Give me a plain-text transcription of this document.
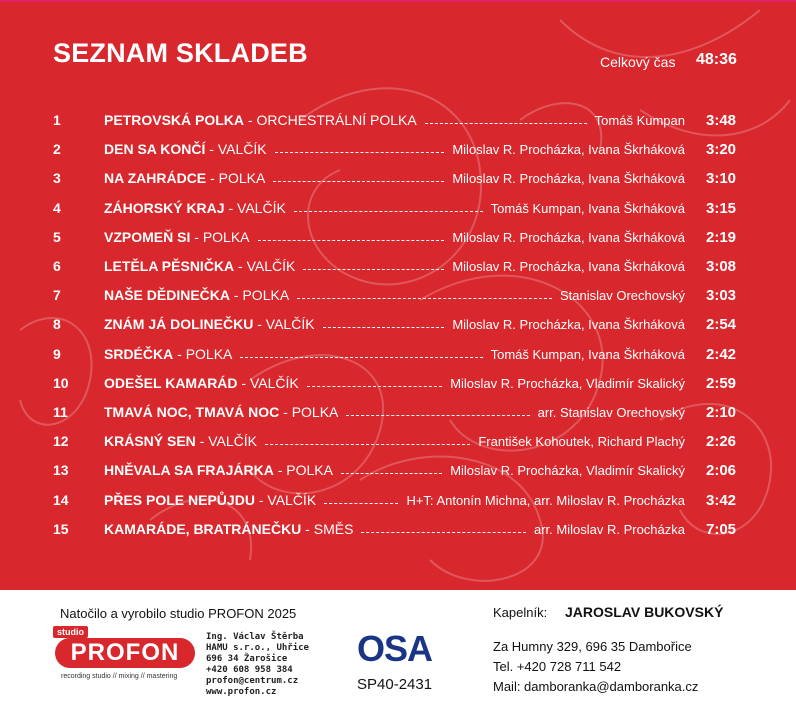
SEZNAM SKLADEB	Celkový čas 48:36
1	PETROVSKÁ POLKA - ORCHESTRÁLNÍ POLKA	Tomáš Kumpan 3:48
2	DEN SA KONČÍ - VALČÍK	Miloslav R. Procházka, Ivana Škrháková 3:20
3	NA ZAHRÁDCE - POLKA	Miloslav R. Procházka, Ivana Škrháková 3:10
4	ZÁHORSKÝ KRAJ - VALČÍK	Tomáš Kumpan, Ivana Škrháková 3:15
5	VZPOMEŇ SI - POLKA	Miloslav R. Procházka, Ivana Škrháková 2:19
6	LETĚLA PĚSNIČKA - VALČÍK	Miloslav R. Procházka, Ivana Škrháková 3:08
7	NAŠE DĚDINEČKA - POLKA	Stanislav Orechovský 3:03
8	ZNÁM JÁ DOLINEČKU - VALČÍK	Miloslav R. Procházka, Ivana Škrháková 2:54
9	SRDÉČKA - POLKA	Tomáš Kumpan, Ivana Škrháková 2:42
10	ODEŠEL KAMARÁD - VALČÍK	Miloslav R. Procházka, Vladimír Skalický 2:59
11	TMAVÁ NOC, TMAVÁ NOC - POLKA	arr. Stanislav Orechovský 2:10
12	KRÁSNÝ SEN - VALČÍK	František Kohoutek, Richard Plachý 2:26
13	HNĚVALA SA FRAJÁRKA - POLKA	Miloslav R. Procházka, Vladimír Skalický 2:06
14	PŘES POLE NEPŮJDU - VALČÍK	H+T: Antonín Michna, arr. Miloslav R. Procházka 3:42
15	KAMARÁDE, BRATRÁNEČKU - SMĚS	arr. Miloslav R. Procházka 7:05
Natočilo a vyrobilo studio PROFON 2025
studio
PROFON
recording studio // mixing // mastering
Ing. Václav Štěrba
HAMU s.r.o., Uhřice
696 34 Žarošice
+420 608 958 384
profon@centrum.cz
www.profon.cz
OSA
SP40-2431
Kapelník: JAROSLAV BUKOVSKÝ
Za Humny 329, 696 35 Dambořice
Tel. +420 728 711 542
Mail: damboranka@damboranka.cz
